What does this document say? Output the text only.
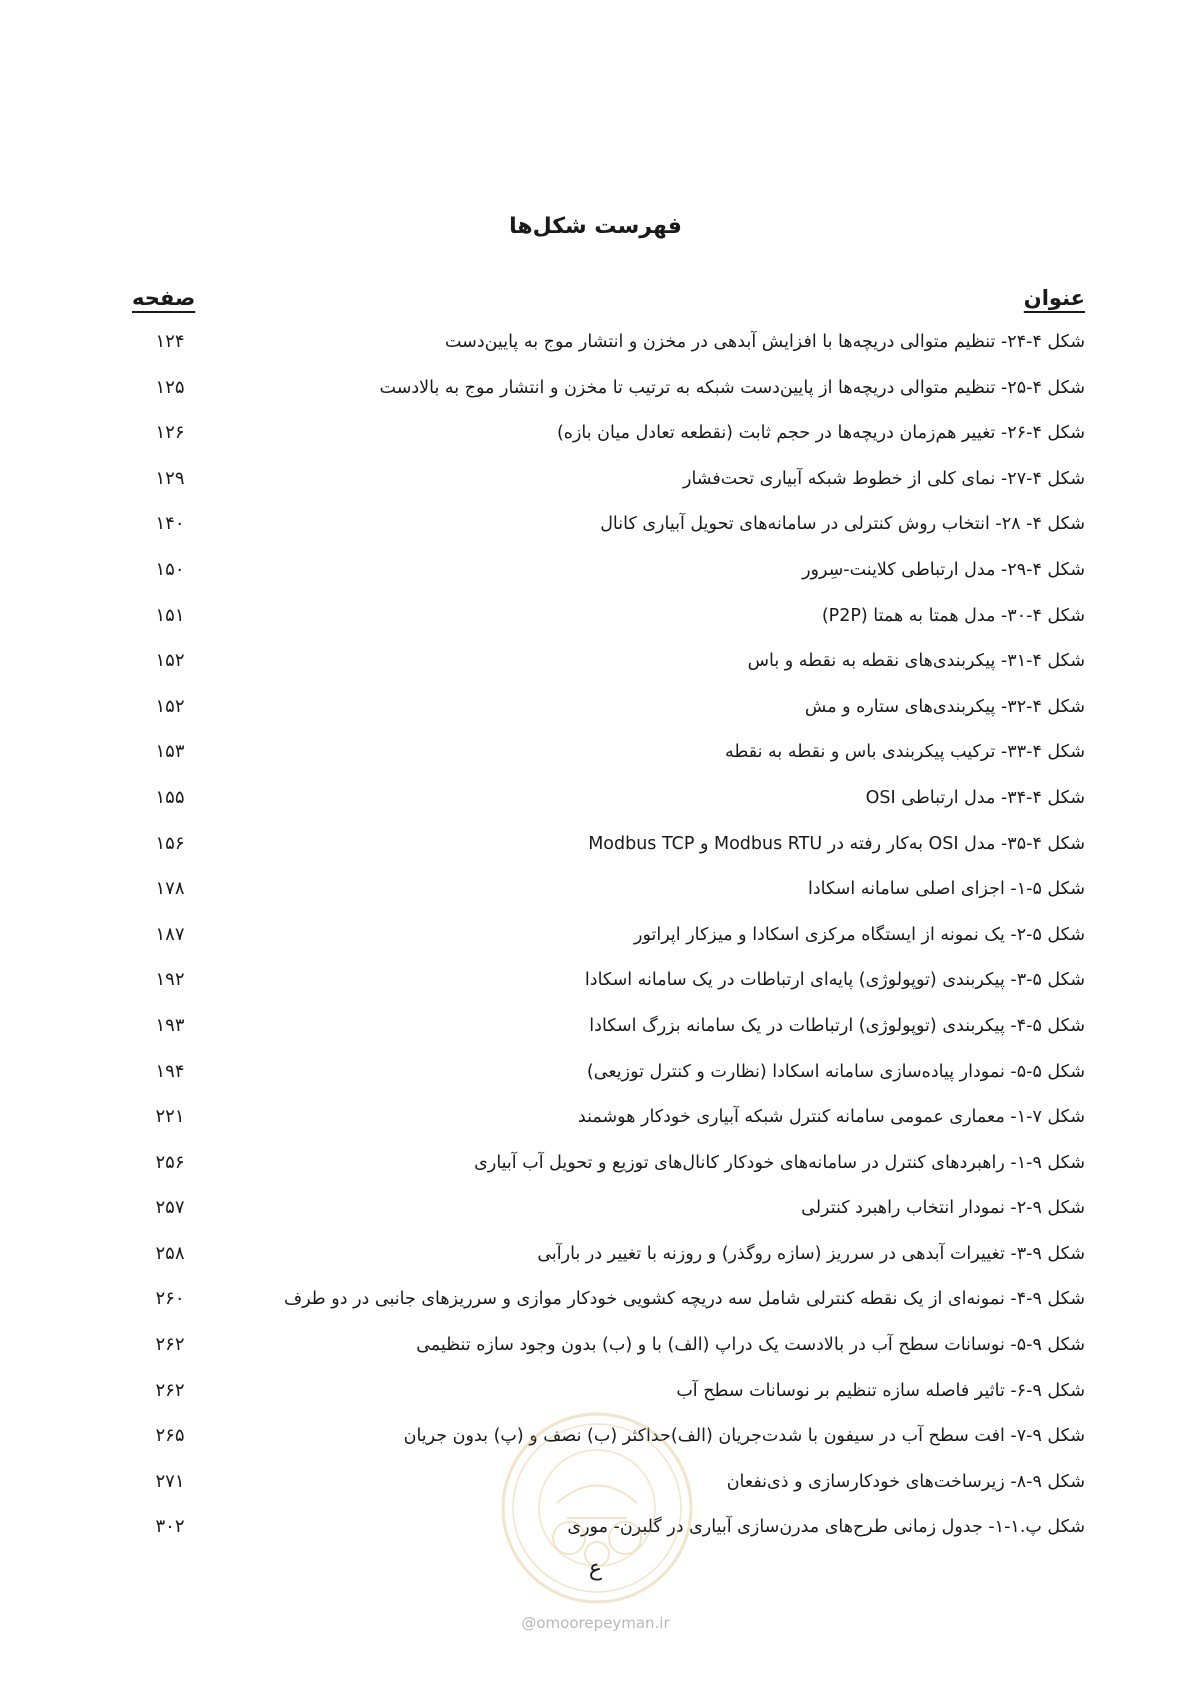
فهرست شکل‌ها
عنوان
صفحه
شکل ۴-۲۴- تنظیم متوالی دریچه‌ها با افزایش آبدهی در مخزن و انتشار موج به پایین‌دست
۱۲۴
شکل ۴-۲۵- تنظیم متوالی دریچه‌ها از پایین‌دست شبکه به ترتیب تا مخزن و انتشار موج به بالادست
۱۲۵
شکل ۴-۲۶- تغییر هم‌زمان دریچه‌ها در حجم ثابت (نقطعه تعادل میان بازه)
۱۲۶
شکل ۴-۲۷- نمای کلی از خطوط شبکه آبیاری تحت‌فشار
۱۲۹
شکل ۴- ۲۸- انتخاب روش کنترلی در سامانه‌های تحویل آبیاری کانال
۱۴۰
شکل ۴-۲۹- مدل ارتباطی کلاینت-سِرور
۱۵۰
شکل ۴-۳۰- مدل همتا به همتا (P2P)
۱۵۱
شکل ۴-۳۱- پیکربندی‌های نقطه به نقطه و باس
۱۵۲
شکل ۴-۳۲- پیکربندی‌های ستاره و مش
۱۵۲
شکل ۴-۳۳- ترکیب پیکربندی باس و نقطه به نقطه
۱۵۳
شکل ۴-۳۴- مدل ارتباطی OSI
۱۵۵
شکل ۴-۳۵- مدل OSI به‌کار رفته در Modbus RTU و Modbus TCP
۱۵۶
شکل ۵-۱- اجزای اصلی سامانه اسکادا
۱۷۸
شکل ۵-۲- یک نمونه از ایستگاه مرکزی اسکادا و میزکار اپراتور
۱۸۷
شکل ۵-۳- پیکربندی (توپولوژی) پایه‌ای ارتباطات در یک سامانه اسکادا
۱۹۲
شکل ۵-۴- پیکربندی (توپولوژی) ارتباطات در یک سامانه بزرگ اسکادا
۱۹۳
شکل ۵-۵- نمودار پیاده‌سازی سامانه اسکادا (نظارت و کنترل توزیعی)
۱۹۴
شکل ۷-۱- معماری عمومی سامانه کنترل شبکه آبیاری خودکار هوشمند
۲۲۱
شکل ۹-۱- راهبردهای کنترل در سامانه‌های خودکار کانال‌های توزیع و تحویل آب آبیاری
۲۵۶
شکل ۹-۲- نمودار انتخاب راهبرد کنترلی
۲۵۷
شکل ۹-۳- تغییرات آبدهی در سرریز (سازه روگذر) و روزنه با تغییر در بارآبی
۲۵۸
شکل ۹-۴- نمونه‌ای از یک نقطه کنترلی شامل سه دریچه کشویی خودکار موازی و سرریزهای جانبی در دو طرف
۲۶۰
شکل ۹-۵- نوسانات سطح آب در بالادست یک دراپ (الف) با و (ب) بدون وجود سازه تنظیمی
۲۶۲
شکل ۹-۶- تاثیر فاصله سازه تنظیم بر نوسانات سطح آب
۲۶۲
شکل ۹-۷- افت سطح آب در سیفون با شدت‌جریان (الف)حداکثر (ب) نصف و (پ) بدون جریان
۲۶۵
شکل ۹-۸- زیرساخت‌های خودکارسازی و ذی‌نفعان
۲۷۱
شکل پ.۱-۱- جدول زمانی طرح‌های مدرن‌سازی آبیاری در گلبرن- موری
۳۰۲
ع
@omoorepeyman.ir
